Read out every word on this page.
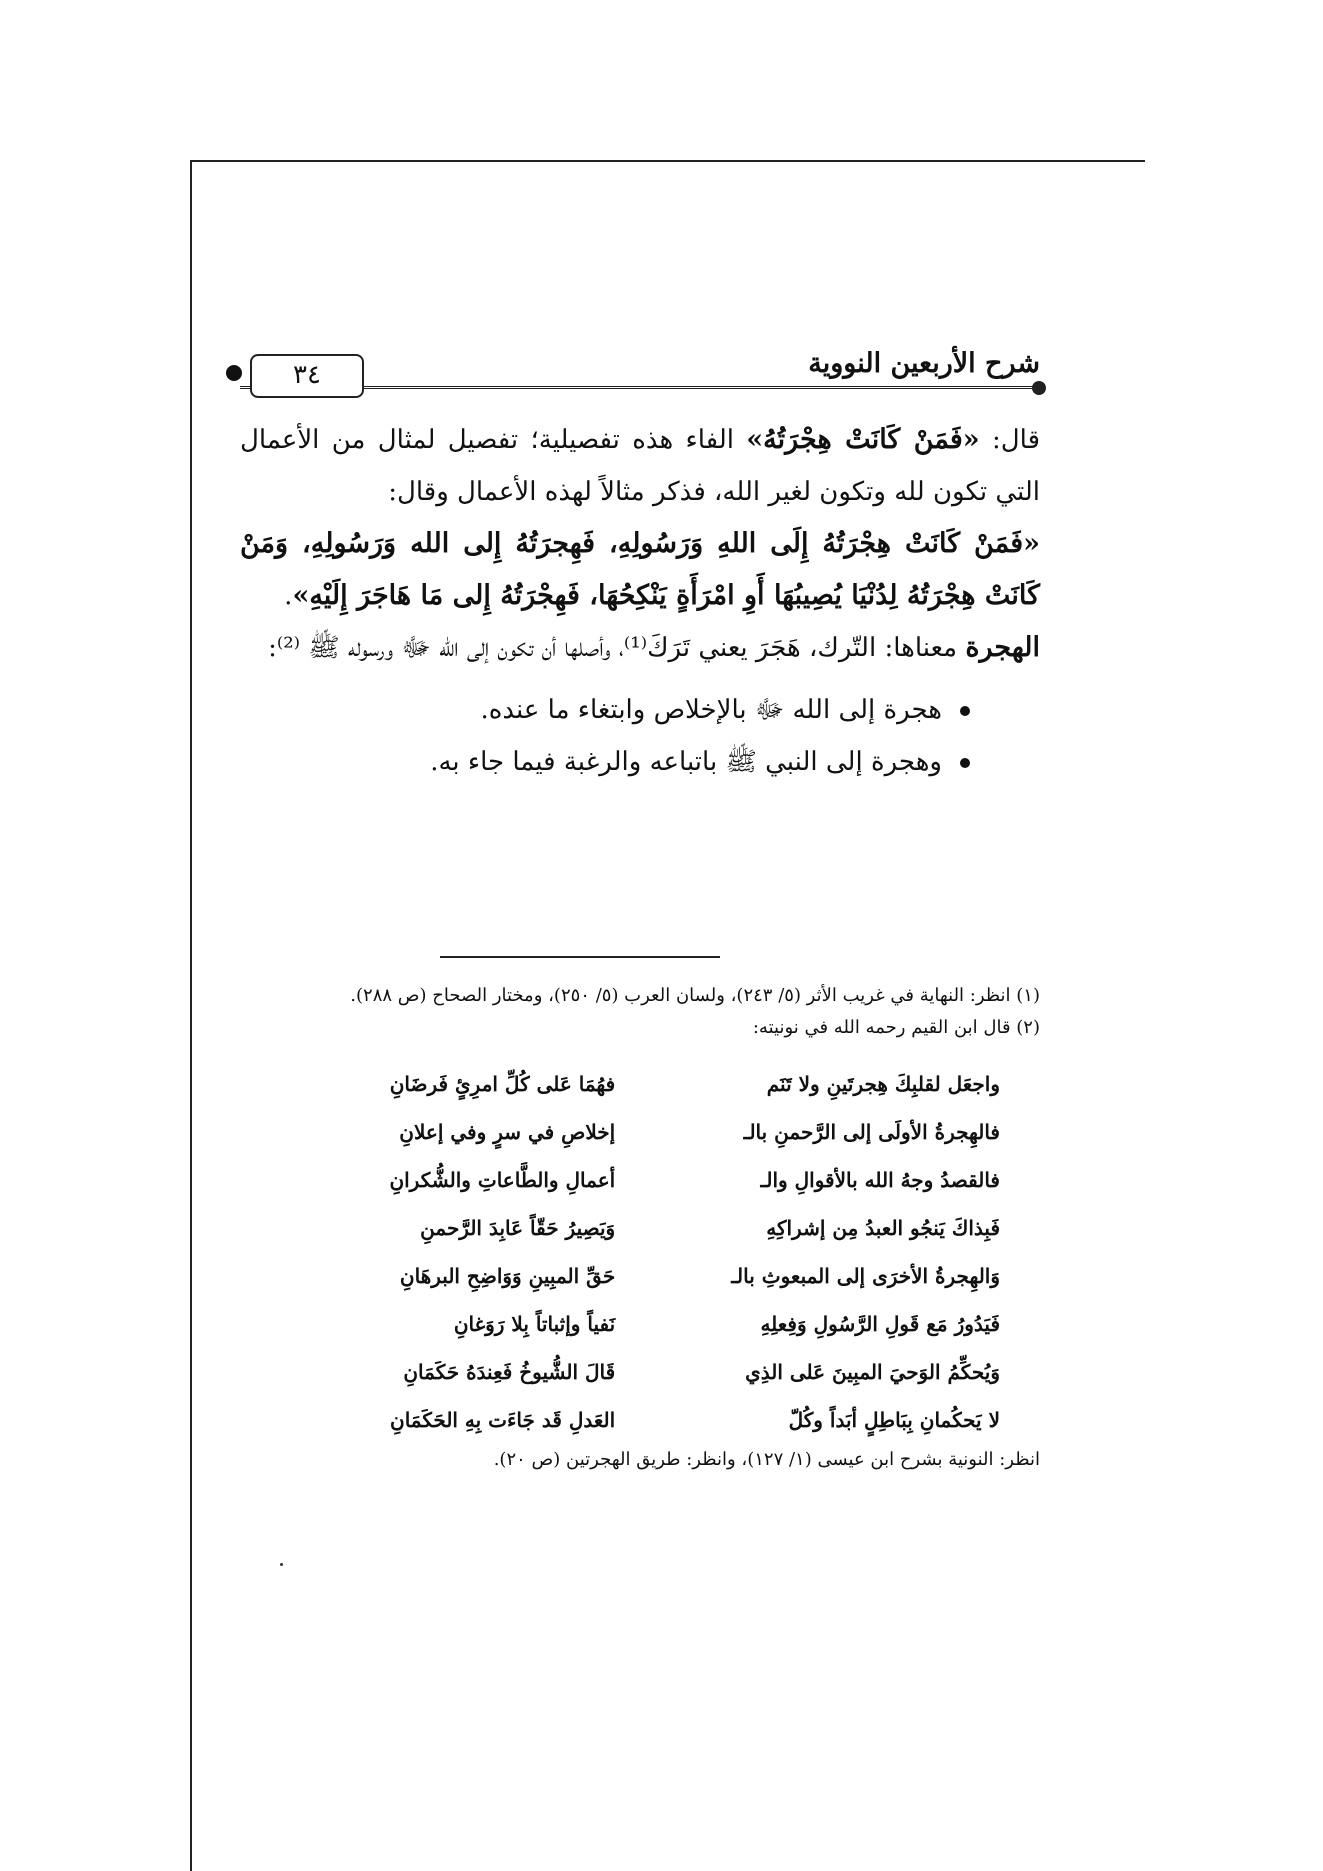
شرح الأربعين النووية
٣٤

قال: «فَمَنْ كَانَتْ هِجْرَتُهُ» الفاء هذه تفصيلية؛ تفصيل لمثال من الأعمال التي تكون لله وتكون لغير الله، فذكر مثالاً لهذه الأعمال وقال:

«فَمَنْ كَانَتْ هِجْرَتُهُ إِلَى اللهِ وَرَسُولِهِ، فَهِجرَتُهُ إِلى الله وَرَسُولِهِ، وَمَنْ كَانَتْ هِجْرَتُهُ لِدُنْيَا يُصِيبُهَا أَوِ امْرَأَةٍ يَنْكِحُهَا، فَهِجْرَتُهُ إِلى مَا هَاجَرَ إِلَيْهِ».

الهجرة معناها: التّرك، هَجَرَ يعني تَرَكَ⁽¹⁾، وأصلها أن تكون إلى الله ﷻ ورسوله ﷺ ⁽²⁾:

هجرة إلى الله ﷻ بالإخلاص وابتغاء ما عنده.
وهجرة إلى النبي ﷺ باتباعه والرغبة فيما جاء به.

(١) انظر: النهاية في غريب الأثر (٥/ ٢٤٣)، ولسان العرب (٥/ ٢٥٠)، ومختار الصحاح (ص ٢٨٨).

(٢) قال ابن القيم رحمه الله في نونيته:

واجعَل لقلبِكَ هِجرتَينِ ولا تَنَم
فهُمَا عَلى كُلِّ امرِئٍ فَرضَانِ
فالهِجرةُ الأولَى إلى الرَّحمنِ بالـ
إخلاصِ في سرٍ وفي إعلانِ
فالقصدُ وجهُ الله بالأقوالِ والـ
أعمالِ والطَّاعاتِ والشُّكرانِ
فَبِذاكَ يَنجُو العبدُ مِن إشراكِهِ
وَيَصِيرُ حَقّاً عَابِدَ الرَّحمنِ
وَالهِجرةُ الأخرَى إلى المبعوثِ بالـ
حَقِّ المبِينِ وَوَاضِحِ البرهَانِ
فَيَدُورُ مَع قَولِ الرَّسُولِ وَفِعلِهِ
نَفياً وإثباتاً بِلا رَوَغانِ
وَيُحكِّمُ الوَحيَ المبِينَ عَلى الذِي
قَالَ الشُّيوخُ فَعِندَهُ حَكَمَانِ
لا يَحكُمانِ بِبَاطِلٍ أبَداً وكُلّ
العَدلِ قَد جَاءَت بِهِ الحَكَمَانِ

انظر: النونية بشرح ابن عيسى (١/ ١٢٧)، وانظر: طريق الهجرتين (ص ٢٠).
